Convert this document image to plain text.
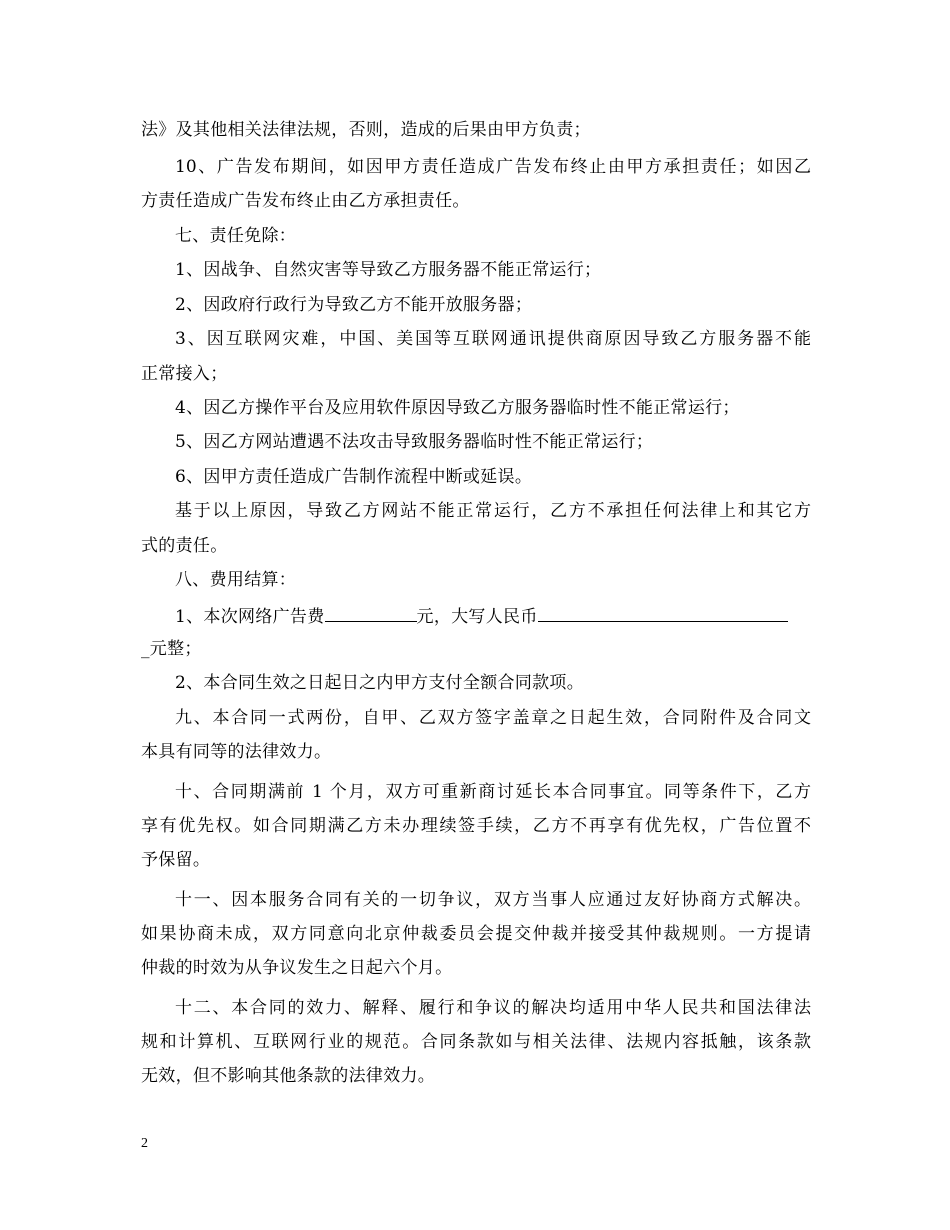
法》及其他相关法律法规，否则，造成的后果由甲方负责；
10、广告发布期间，如因甲方责任造成广告发布终止由甲方承担责任；如因乙
方责任造成广告发布终止由乙方承担责任。
七、责任免除：
1、因战争、自然灾害等导致乙方服务器不能正常运行；
2、因政府行政行为导致乙方不能开放服务器；
3、因互联网灾难，中国、美国等互联网通讯提供商原因导致乙方服务器不能
正常接入；
4、因乙方操作平台及应用软件原因导致乙方服务器临时性不能正常运行；
5、因乙方网站遭遇不法攻击导致服务器临时性不能正常运行；
6、因甲方责任造成广告制作流程中断或延误。
基于以上原因，导致乙方网站不能正常运行，乙方不承担任何法律上和其它方
式的责任。
八、费用结算：
1、本次网络广告费	元，大写人民币
_元整；
2、本合同生效之日起日之内甲方支付全额合同款项。
九、本合同一式两份，自甲、乙双方签字盖章之日起生效，合同附件及合同文
本具有同等的法律效力。
十、合同期满前 1 个月，双方可重新商讨延长本合同事宜。同等条件下，乙方
享有优先权。如合同期满乙方未办理续签手续，乙方不再享有优先权，广告位置不
予保留。
十一、因本服务合同有关的一切争议，双方当事人应通过友好协商方式解决。
如果协商未成，双方同意向北京仲裁委员会提交仲裁并接受其仲裁规则。一方提请
仲裁的时效为从争议发生之日起六个月。
十二、本合同的效力、解释、履行和争议的解决均适用中华人民共和国法律法
规和计算机、互联网行业的规范。合同条款如与相关法律、法规内容抵触，该条款
无效，但不影响其他条款的法律效力。
2
